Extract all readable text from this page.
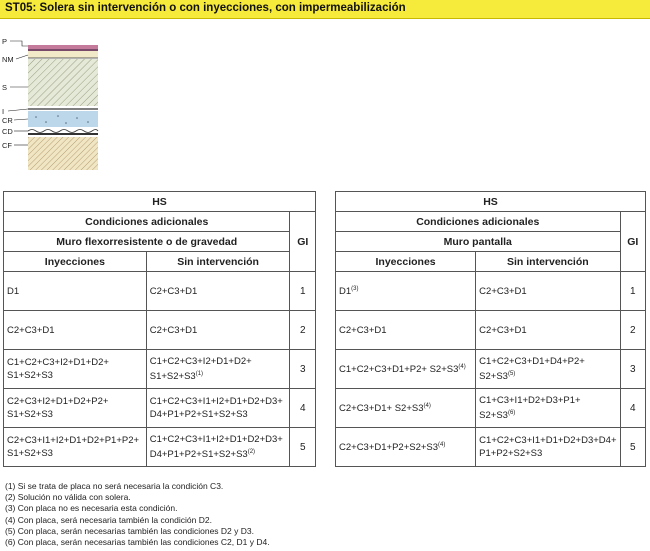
ST05: Solera sin intervención o con inyecciones, con impermeabilización
P
NM
S
I
CR
CD
CF
HS		
Condiciones adicionales		GI
Muro flexorresistente o de gravedad		
Inyecciones	Sin intervención	
D1	C2+C3+D1	1
C2+C3+D1	C2+C3+D1	2
C1+C2+C3+I2+D1+D2+ S1+S2+S3	$C1+C2+C3+I2+D1+D2+ S1+S2+S3^{(1)}$	3
C2+C3+I2+D1+D2+P2+ S1+S2+S3	C1+C2+C3+I1+I2+D1+D2+D3+ D4+P1+P2+S1+S2+S3	4
C2+C3+I1+I2+D1+D2+P1+P2+ S1+S2+S3	$C1+C2+C3+I1+I2+D1+D2+D3+ D4+P1+P2+S1+S2+S3^{(2)}$	5
HS		
Condiciones adicionales		GI
Muro pantalla		
Inyecciones	Sin intervención	
D1$^{(3)}$	C2+C3+D1	1
C2+C3+D1	C2+C3+D1	2
$C1+C2+C3+D1+P2+ S2+S3^{(4)}$	$C1+C2+C3+D1+D4+P2+ S2+S3^{(5)}$	3
$C2+C3+D1+ S2+S3^{(4)}$	$C1+C3+I1+D2+D3+P1+ S2+S3^{(6)}$	4
$C2+C3+D1+P2+S2+S3^{(4)}$	C1+C2+C3+I1+D1+D2+D3+D4+ P1+P2+S2+S3	5
(1) Si se trata de placa no será necesaria la condición C3.
(2) Solución no válida con solera.
(3) Con placa no es necesaria esta condición.
(4) Con placa, será necesaria también la condición D2.
(5) Con placa, serán necesarias también las condiciones D2 y D3.
(6) Con placa, serán necesarias también las condiciones C2, D1 y D4.
